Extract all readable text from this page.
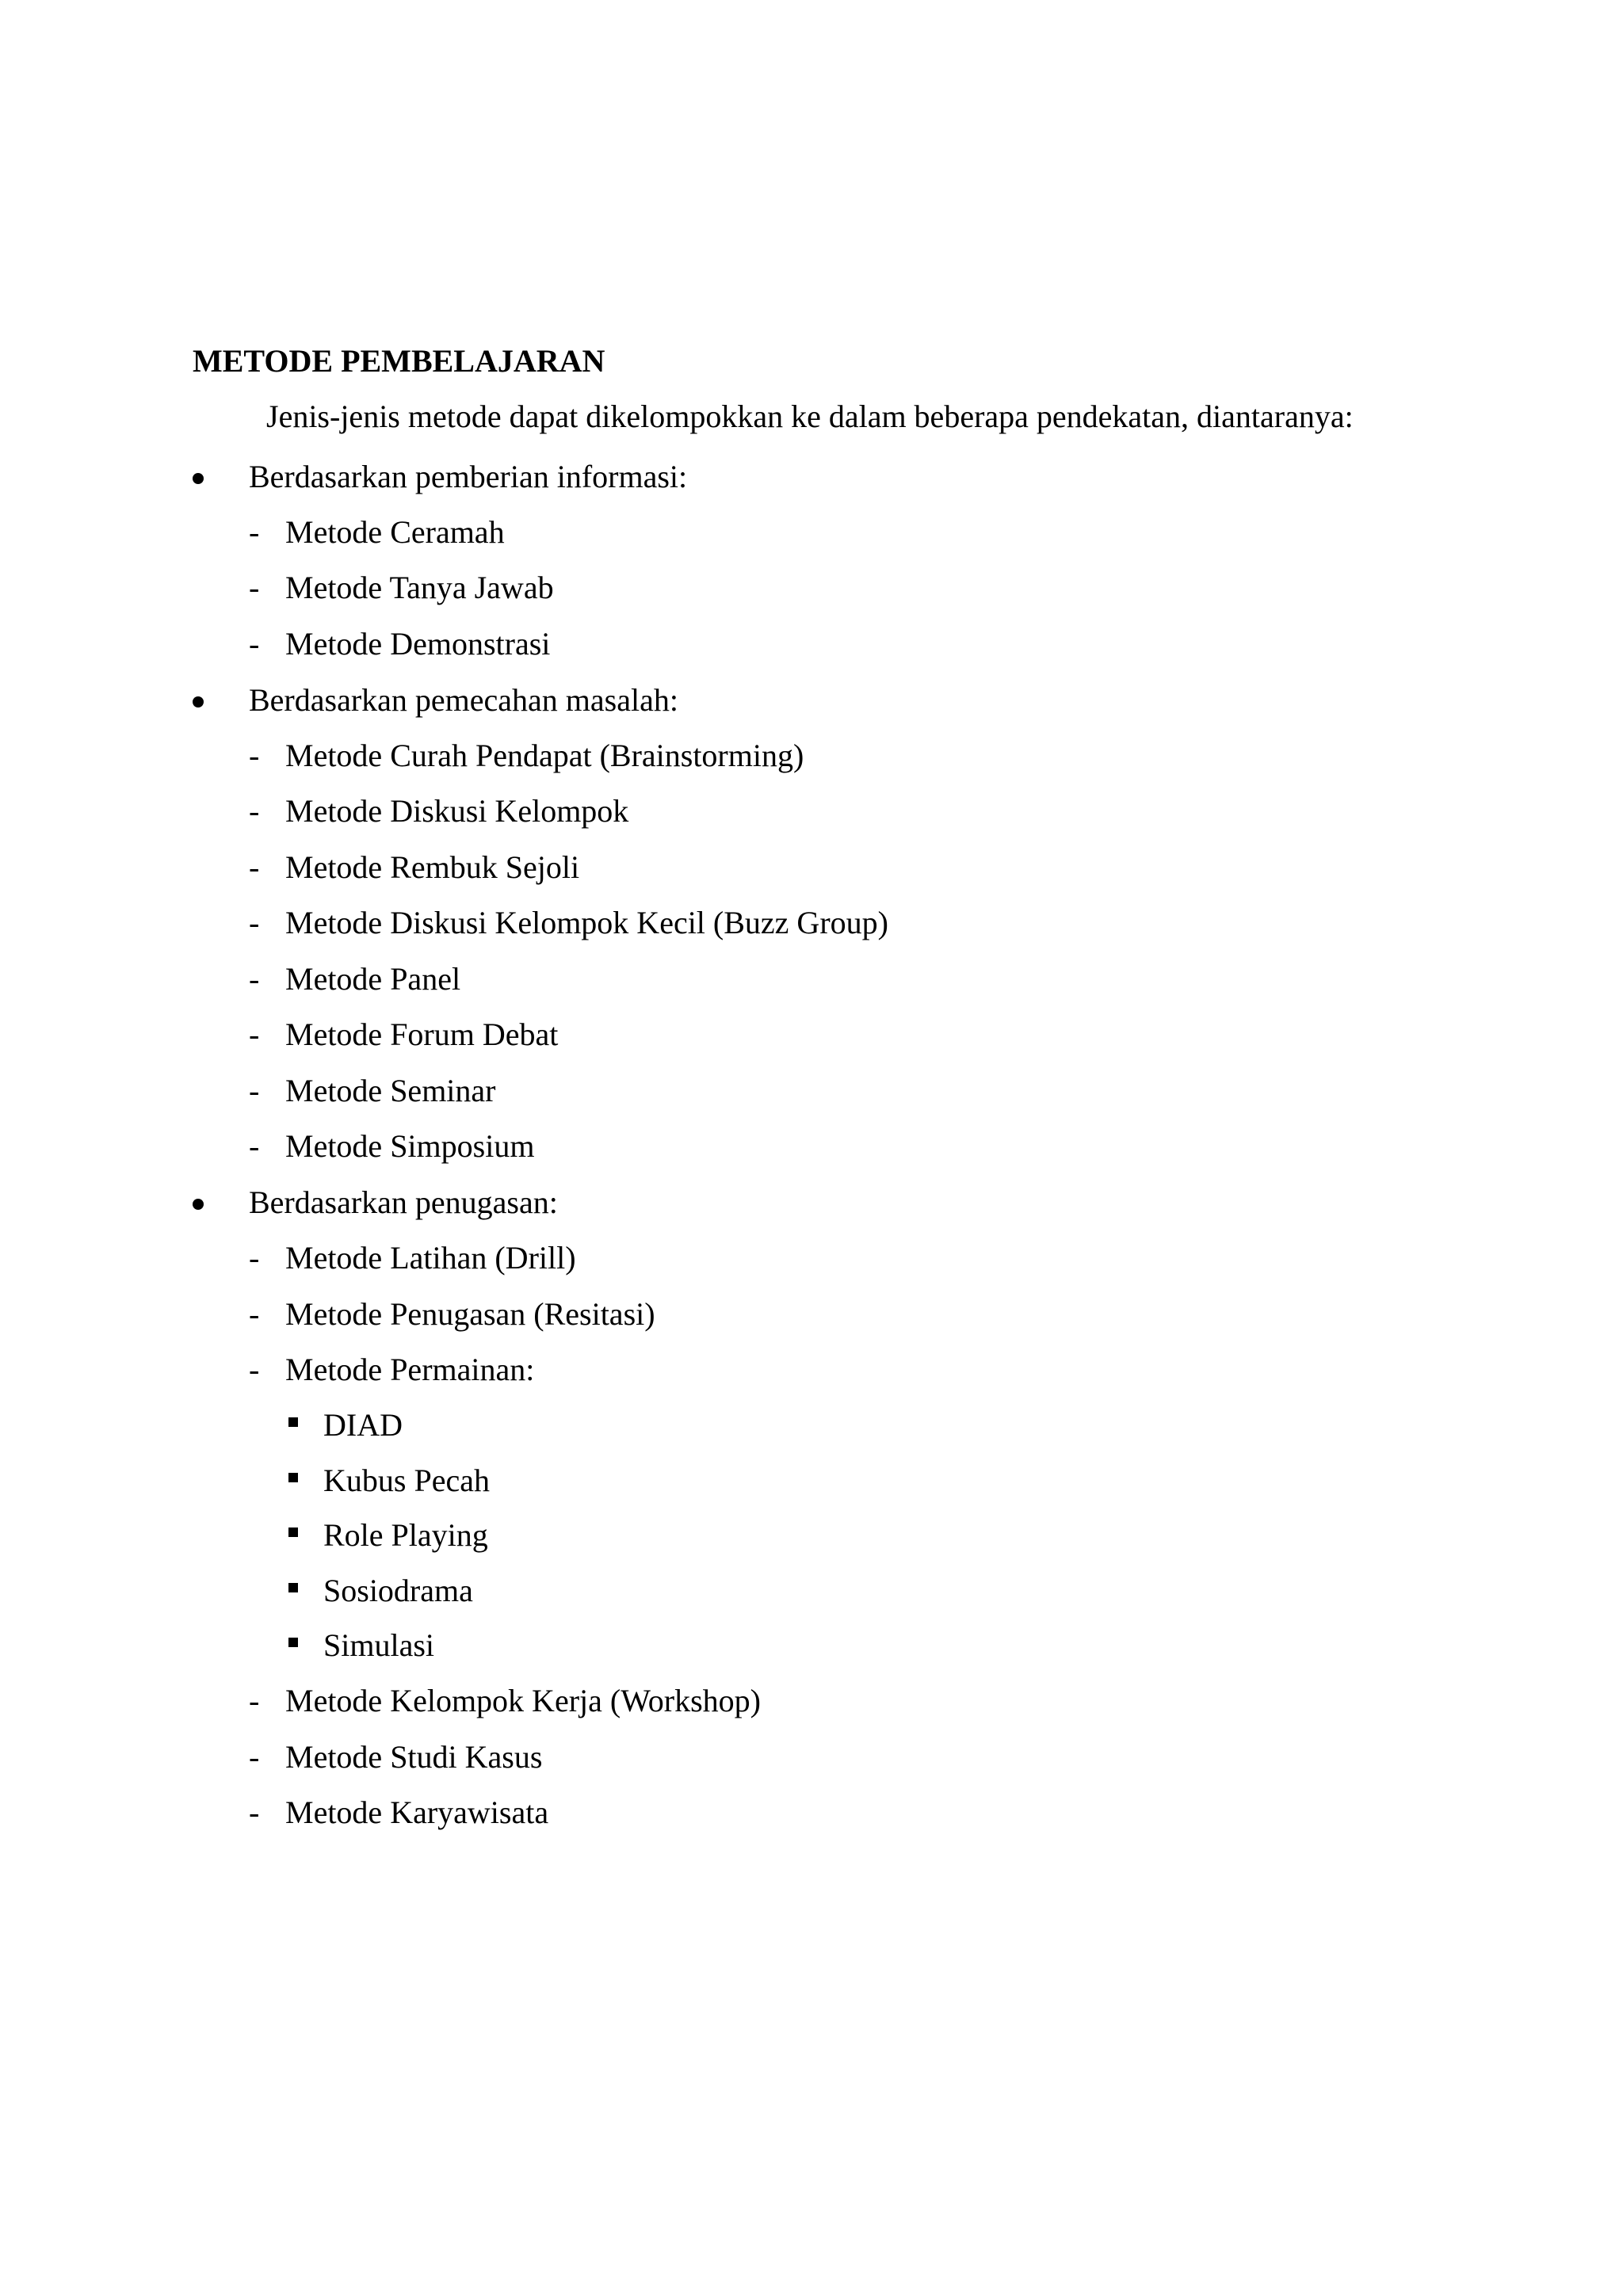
METODE PEMBELAJARAN
Jenis-jenis metode dapat dikelompokkan ke dalam beberapa pendekatan, diantaranya:
Berdasarkan pemberian informasi:
- Metode Ceramah
- Metode Tanya Jawab
- Metode Demonstrasi
Berdasarkan pemecahan masalah:
- Metode Curah Pendapat (Brainstorming)
- Metode Diskusi Kelompok
- Metode Rembuk Sejoli
- Metode Diskusi Kelompok Kecil (Buzz Group)
- Metode Panel
- Metode Forum Debat
- Metode Seminar
- Metode Simposium
Berdasarkan penugasan:
- Metode Latihan (Drill)
- Metode Penugasan (Resitasi)
- Metode Permainan:
DIAD
Kubus Pecah
Role Playing
Sosiodrama
Simulasi
- Metode Kelompok Kerja (Workshop)
- Metode Studi Kasus
- Metode Karyawisata
